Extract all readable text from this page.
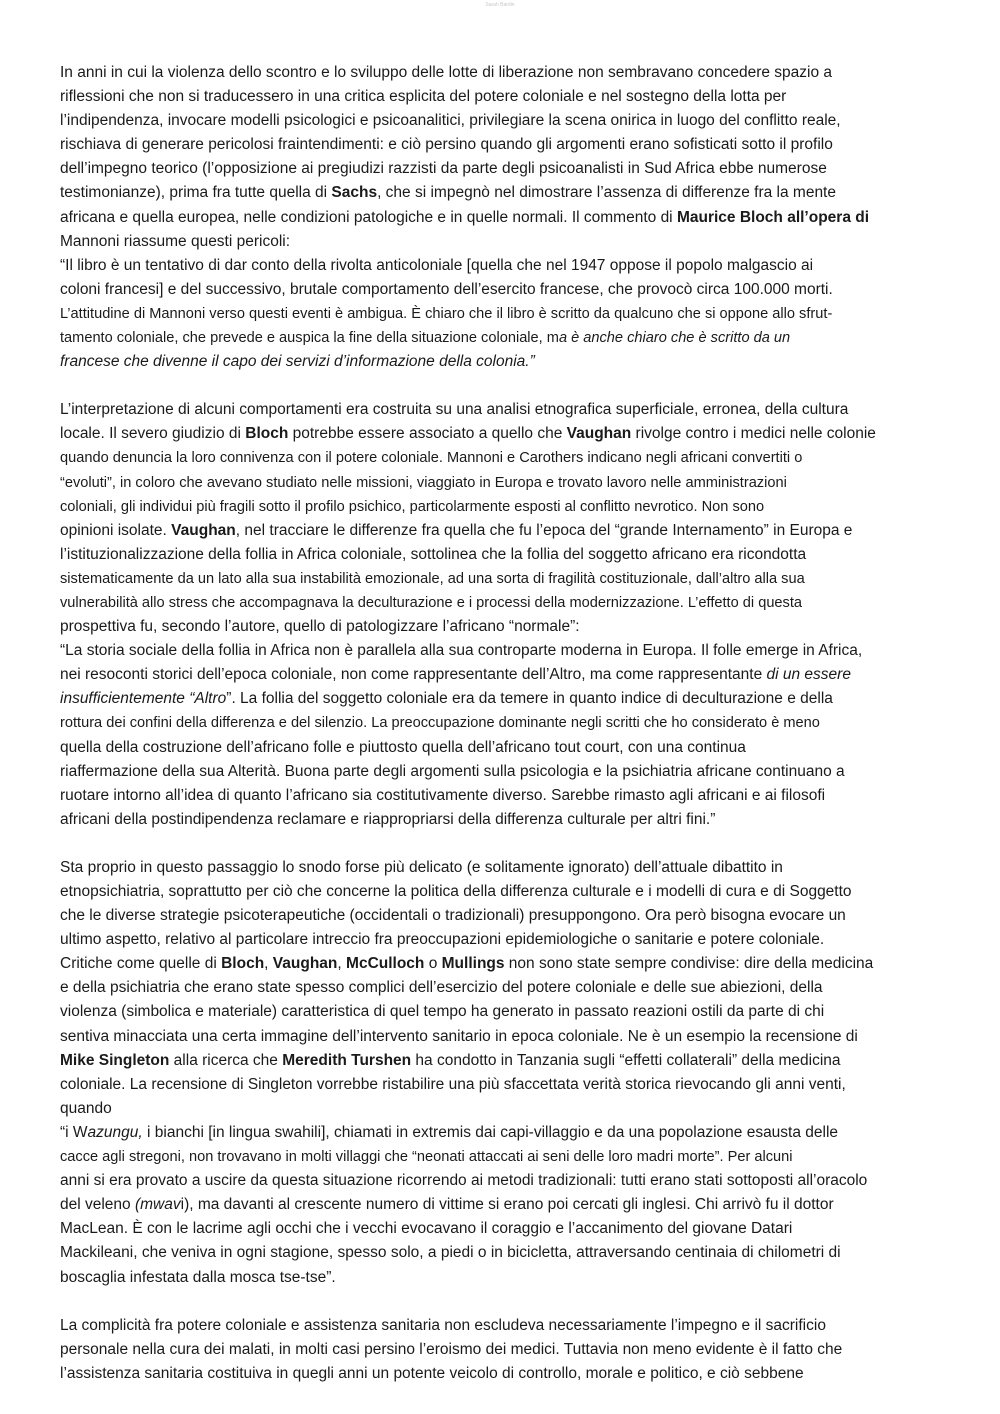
Sarah Bardin
In anni in cui la violenza dello scontro e lo sviluppo delle lotte di liberazione non sembravano concedere spazio a
riflessioni che non si traducessero in una critica esplicita del potere coloniale e nel sostegno della lotta per
l’indipendenza, invocare modelli psicologici e psicoanalitici, privilegiare la scena onirica in luogo del conflitto reale,
rischiava di generare pericolosi fraintendimenti: e ciò persino quando gli argomenti erano sofisticati sotto il profilo
dell’impegno teorico (l’opposizione ai pregiudizi razzisti da parte degli psicoanalisti in Sud Africa ebbe numerose
testimonianze), prima fra tutte quella di Sachs, che si impegnò nel dimostrare l’assenza di differenze fra la mente
africana e quella europea, nelle condizioni patologiche e in quelle normali. Il commento di Maurice Bloch all’opera di
Mannoni riassume questi pericoli:
“Il libro è un tentativo di dar conto della rivolta anticoloniale [quella che nel 1947 oppose il popolo malgascio ai
coloni francesi] e del successivo, brutale comportamento dell’esercito francese, che provocò circa 100.000 morti.
L’attitudine di Mannoni verso questi eventi è ambigua. È chiaro che il libro è scritto da qualcuno che si oppone allo sfrut-
tamento coloniale, che prevede e auspica la fine della situazione coloniale, ma è anche chiaro che è scritto da un
francese che divenne il capo dei servizi d’informazione della colonia.”
L’interpretazione di alcuni comportamenti era costruita su una analisi etnografica superficiale, erronea, della cultura
locale. Il severo giudizio di Bloch potrebbe essere associato a quello che Vaughan rivolge contro i medici nelle colonie
quando denuncia la loro connivenza con il potere coloniale. Mannoni e Carothers indicano negli africani convertiti o
“evoluti”, in coloro che avevano studiato nelle missioni, viaggiato in Europa e trovato lavoro nelle amministrazioni
coloniali, gli individui più fragili sotto il profilo psichico, particolarmente esposti al conflitto nevrotico. Non sono
opinioni isolate. Vaughan, nel tracciare le differenze fra quella che fu l’epoca del “grande Internamento” in Europa e
l’istituzionalizzazione della follia in Africa coloniale, sottolinea che la follia del soggetto africano era ricondotta
sistematicamente da un lato alla sua instabilità emozionale, ad una sorta di fragilità costituzionale, dall’altro alla sua
vulnerabilità allo stress che accompagnava la deculturazione e i processi della modernizzazione. L’effetto di questa
prospettiva fu, secondo l’autore, quello di patologizzare l’africano “normale”:
“La storia sociale della follia in Africa non è parallela alla sua controparte moderna in Europa. Il folle emerge in Africa,
nei resoconti storici dell’epoca coloniale, non come rappresentante dell’Altro, ma come rappresentante di un essere
insufficientemente “Altro”. La follia del soggetto coloniale era da temere in quanto indice di deculturazione e della
rottura dei confini della differenza e del silenzio. La preoccupazione dominante negli scritti che ho considerato è meno
quella della costruzione dell’africano folle e piuttosto quella dell’africano tout court, con una continua
riaffermazione della sua Alterità. Buona parte degli argomenti sulla psicologia e la psichiatria africane continuano a
ruotare intorno all’idea di quanto l’africano sia costitutivamente diverso. Sarebbe rimasto agli africani e ai filosofi
africani della postindipendenza reclamare e riappropriarsi della differenza culturale per altri fini.”
Sta proprio in questo passaggio lo snodo forse più delicato (e solitamente ignorato) dell’attuale dibattito in
etnopsichiatria, soprattutto per ciò che concerne la politica della differenza culturale e i modelli di cura e di Soggetto
che le diverse strategie psicoterapeutiche (occidentali o tradizionali) presuppongono. Ora però bisogna evocare un
ultimo aspetto, relativo al particolare intreccio fra preoccupazioni epidemiologiche o sanitarie e potere coloniale.
Critiche come quelle di Bloch, Vaughan, McCulloch o Mullings non sono state sempre condivise: dire della medicina
e della psichiatria che erano state spesso complici dell’esercizio del potere coloniale e delle sue abiezioni, della
violenza (simbolica e materiale) caratteristica di quel tempo ha generato in passato reazioni ostili da parte di chi
sentiva minacciata una certa immagine dell’intervento sanitario in epoca coloniale. Ne è un esempio la recensione di
Mike Singleton alla ricerca che Meredith Turshen ha condotto in Tanzania sugli “effetti collaterali” della medicina
coloniale. La recensione di Singleton vorrebbe ristabilire una più sfaccettata verità storica rievocando gli anni venti,
quando
“i Wazungu, i bianchi [in lingua swahili], chiamati in extremis dai capi-villaggio e da una popolazione esausta delle
cacce agli stregoni, non trovavano in molti villaggi che “neonati attaccati ai seni delle loro madri morte”. Per alcuni
anni si era provato a uscire da questa situazione ricorrendo ai metodi tradizionali: tutti erano stati sottoposti all’oracolo
del veleno (mwavi), ma davanti al crescente numero di vittime si erano poi cercati gli inglesi. Chi arrivò fu il dottor
MacLean. È con le lacrime agli occhi che i vecchi evocavano il coraggio e l’accanimento del giovane Datari
Mackileani, che veniva in ogni stagione, spesso solo, a piedi o in bicicletta, attraversando centinaia di chilometri di
boscaglia infestata dalla mosca tse-tse”.
La complicità fra potere coloniale e assistenza sanitaria non escludeva necessariamente l’impegno e il sacrificio
personale nella cura dei malati, in molti casi persino l’eroismo dei medici. Tuttavia non meno evidente è il fatto che
l’assistenza sanitaria costituiva in quegli anni un potente veicolo di controllo, morale e politico, e ciò sebbene
